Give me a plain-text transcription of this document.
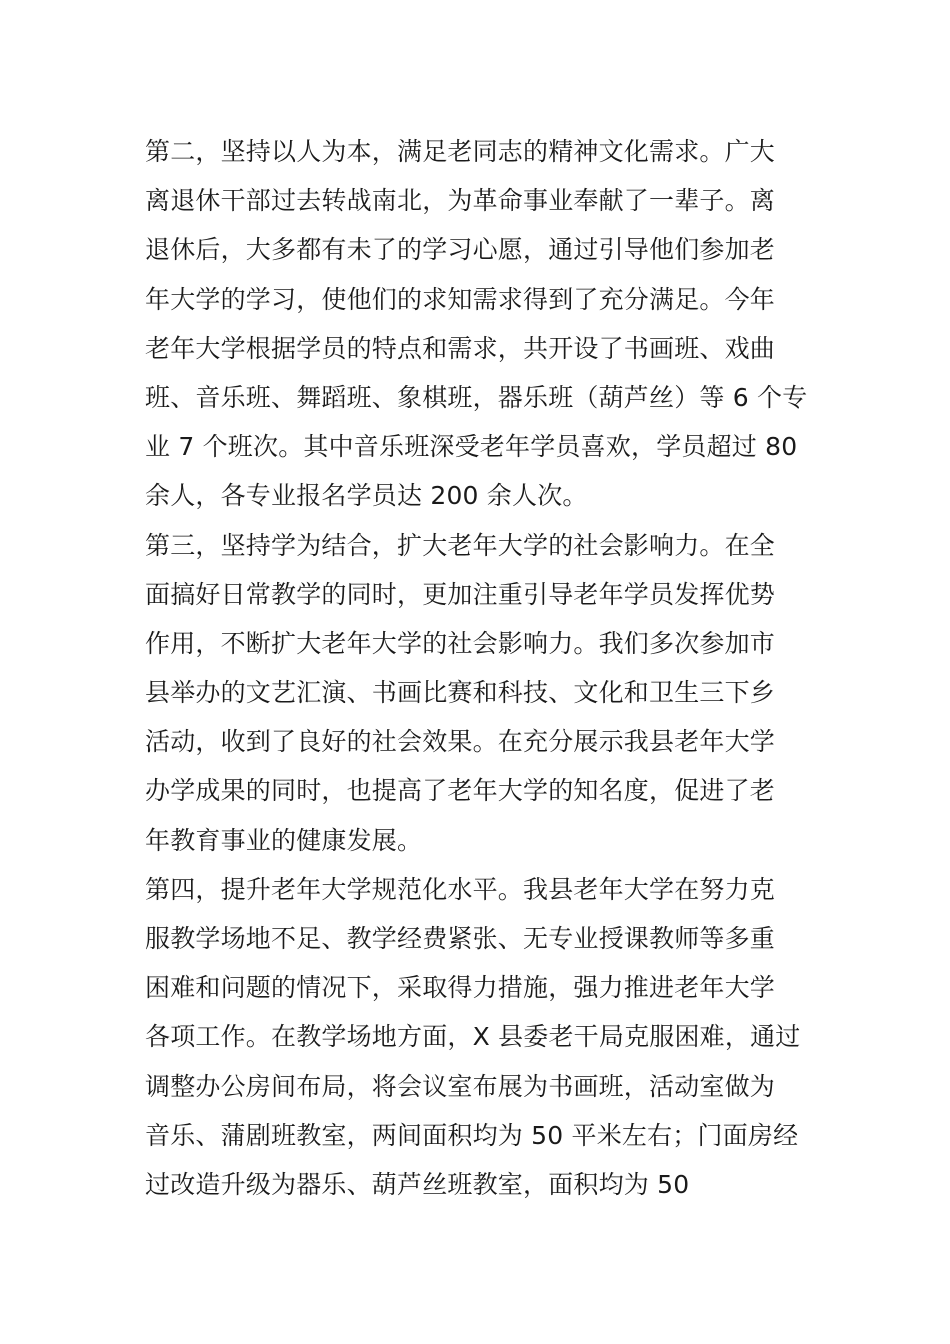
第二，坚持以人为本，满足老同志的精神文化需求。广大
离退休干部过去转战南北，为革命事业奉献了一辈子。离
退休后，大多都有未了的学习心愿，通过引导他们参加老
年大学的学习，使他们的求知需求得到了充分满足。今年
老年大学根据学员的特点和需求，共开设了书画班、戏曲
班、音乐班、舞蹈班、象棋班，器乐班（葫芦丝）等 6 个专
业 7 个班次。其中音乐班深受老年学员喜欢，学员超过 80
余人，各专业报名学员达 200 余人次。
第三，坚持学为结合，扩大老年大学的社会影响力。在全
面搞好日常教学的同时，更加注重引导老年学员发挥优势
作用，不断扩大老年大学的社会影响力。我们多次参加市
县举办的文艺汇演、书画比赛和科技、文化和卫生三下乡
活动，收到了良好的社会效果。在充分展示我县老年大学
办学成果的同时，也提高了老年大学的知名度，促进了老
年教育事业的健康发展。
第四，提升老年大学规范化水平。我县老年大学在努力克
服教学场地不足、教学经费紧张、无专业授课教师等多重
困难和问题的情况下，采取得力措施，强力推进老年大学
各项工作。在教学场地方面，X 县委老干局克服困难，通过
调整办公房间布局，将会议室布展为书画班，活动室做为
音乐、蒲剧班教室，两间面积均为 50 平米左右；门面房经
过改造升级为器乐、葫芦丝班教室，面积均为 50
